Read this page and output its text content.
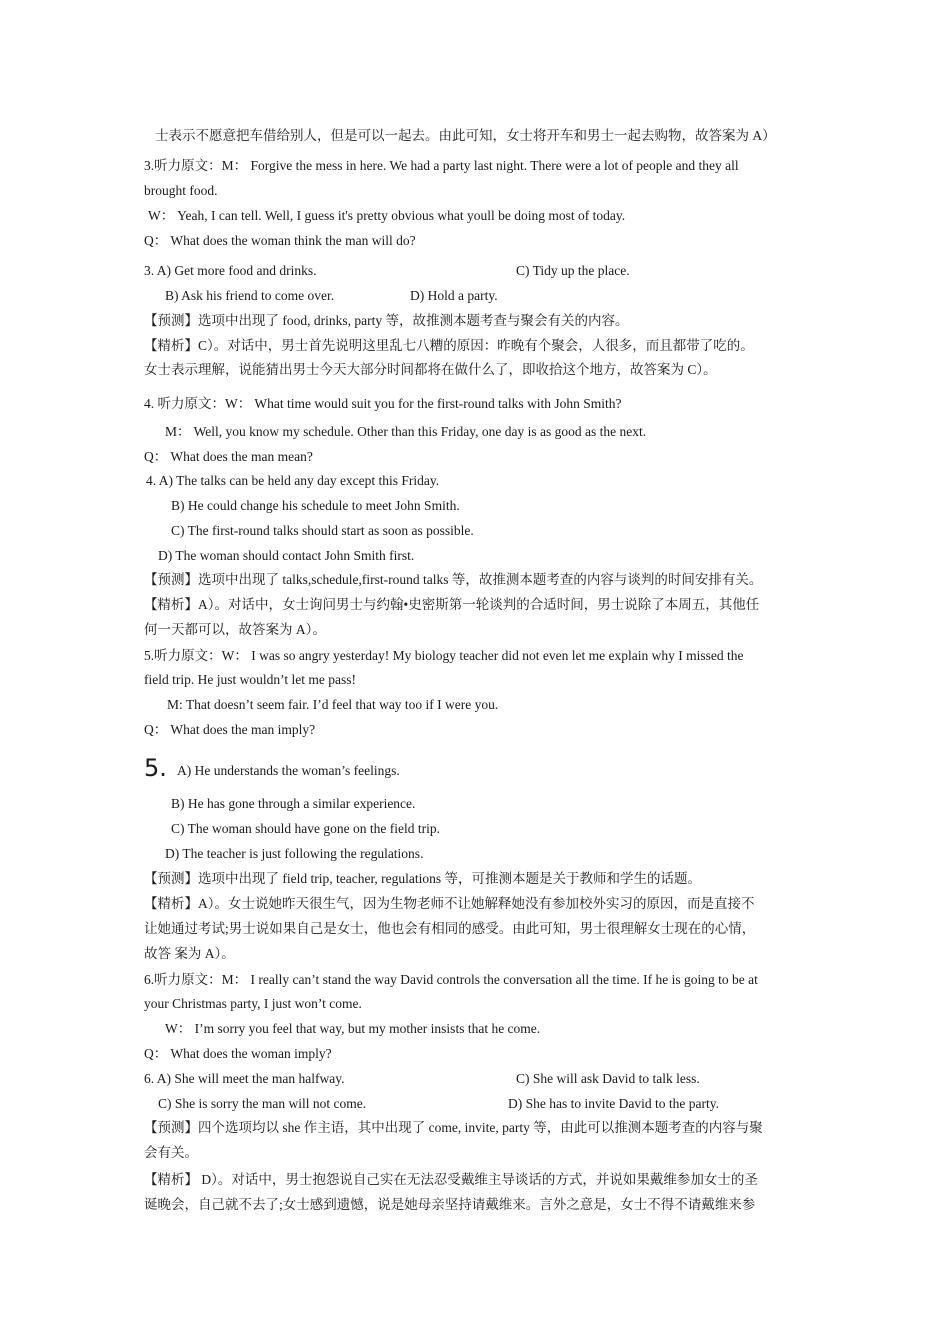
士表示不愿意把车借给别人，但是可以一起去。由此可知，女士将开车和男士一起去购物，故答案为 A）
3.听力原文：M： Forgive the mess in here. We had a party last night. There were a lot of people and they all
brought food.
W： Yeah, I can tell. Well, I guess it's pretty obvious what youll be doing most of today.
Q： What does the woman think the man will do?
3. A) Get more food and drinks.	C) Tidy up the place.
B) Ask his friend to come over.	D) Hold a party.
【预测】选项中出现了 food, drinks, party 等，故推测本题考查与聚会有关的内容。
【精析】C）。对话中，男士首先说明这里乱七八糟的原因：昨晚有个聚会，人很多，而且都带了吃的。
女士表示理解，说能猜出男士今天大部分时间都将在做什么了，即收拾这个地方，故答案为 C）。
4. 听力原文：W： What time would suit you for the first-round talks with John Smith?
M： Well, you know my schedule. Other than this Friday, one day is as good as the next.
Q： What does the man mean?
4. A) The talks can be held any day except this Friday.
B) He could change his schedule to meet John Smith.
C) The first-round talks should start as soon as possible.
D) The woman should contact John Smith first.
【预测】选项中出现了 talks,schedule,first-round talks 等，故推测本题考查的内容与谈判的时间安排有关。
【精析】A）。对话中，女士询问男士与约翰•史密斯第一轮谈判的合适时间，男士说除了本周五，其他任
何一天都可以，故答案为 A）。
5.听力原文：W： I was so angry yesterday! My biology teacher did not even let me explain why I missed the
field trip. He just wouldn’t let me pass!
M: That doesn’t seem fair. I’d feel that way too if I were you.
Q： What does the man imply?
5. A) He understands the woman’s feelings.
B) He has gone through a similar experience.
C) The woman should have gone on the field trip.
D) The teacher is just following the regulations.
【预测】选项中出现了 field trip, teacher, regulations 等，可推测本题是关于教师和学生的话题。
【精析】A）。女士说她昨天很生气，因为生物老师不让她解释她没有参加校外实习的原因，而是直接不
让她通过考试;男士说如果自己是女士，他也会有相同的感受。由此可知，男士很理解女士现在的心情，
故答 案为 A）。
6.听力原文：M： I really can’t stand the way David controls the conversation all the time. If he is going to be at
your Christmas party, I just won’t come.
W： I’m sorry you feel that way, but my mother insists that he come.
Q： What does the woman imply?
6. A) She will meet the man halfway.	C) She will ask David to talk less.
C) She is sorry the man will not come.	D) She has to invite David to the party.
【预测】四个选项均以 she 作主语，其中出现了 come, invite, party 等，由此可以推测本题考查的内容与聚
会有关。
【精析】 D）。对话中，男士抱怨说自己实在无法忍受戴维主导谈话的方式，并说如果戴维参加女士的圣
诞晚会，自己就不去了;女士感到遗憾，说是她母亲坚持请戴维来。言外之意是，女士不得不请戴维来参
